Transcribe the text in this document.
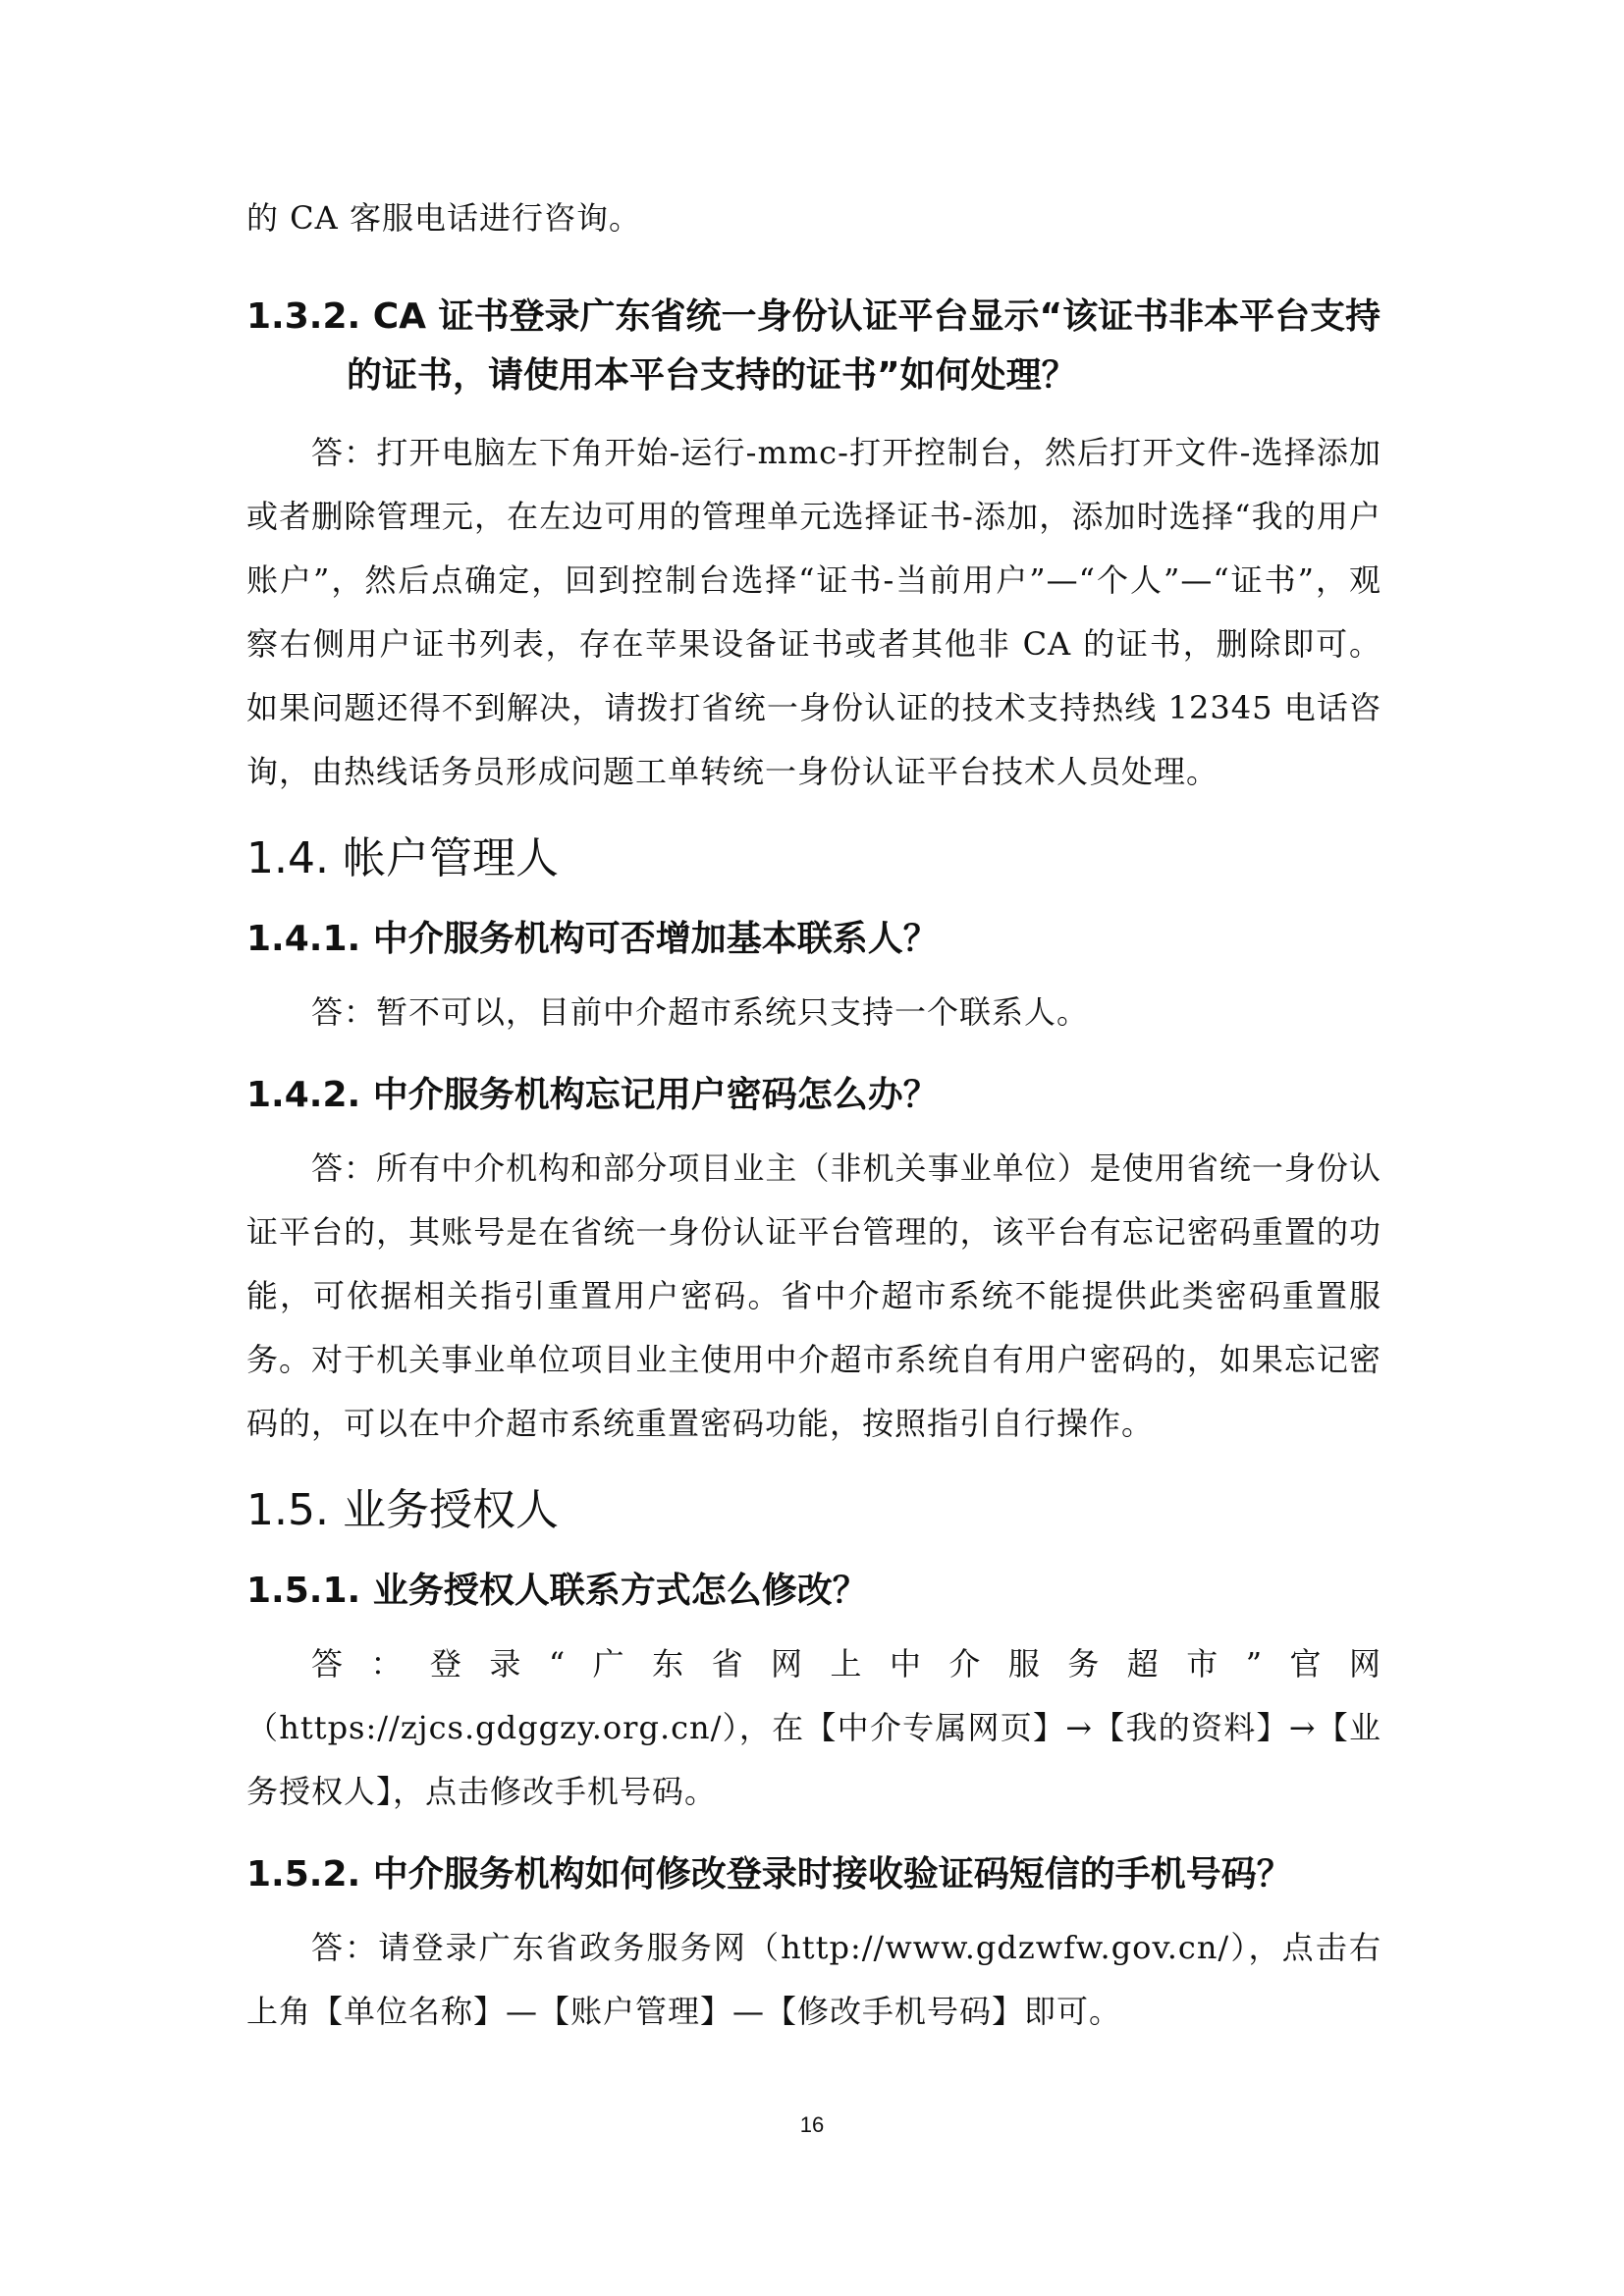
的 CA 客服电话进行咨询。

1.3.2. CA 证书登录广东省统一身份认证平台显示“该证书非本平台支持的证书，请使用本平台支持的证书”如何处理？

答：打开电脑左下角开始-运行-mmc-打开控制台，然后打开文件-选择添加或者删除管理元，在左边可用的管理单元选择证书-添加，添加时选择“我的用户账户”，然后点确定，回到控制台选择“证书-当前用户”—“个人”—“证书”，观察右侧用户证书列表，存在苹果设备证书或者其他非 CA 的证书，删除即可。如果问题还得不到解决，请拨打省统一身份认证的技术支持热线 12345 电话咨询，由热线话务员形成问题工单转统一身份认证平台技术人员处理。

1.4. 帐户管理人
1.4.1. 中介服务机构可否增加基本联系人？

答：暂不可以，目前中介超市系统只支持一个联系人。

1.4.2. 中介服务机构忘记用户密码怎么办？

答：所有中介机构和部分项目业主（非机关事业单位）是使用省统一身份认证平台的，其账号是在省统一身份认证平台管理的，该平台有忘记密码重置的功能，可依据相关指引重置用户密码。省中介超市系统不能提供此类密码重置服务。对于机关事业单位项目业主使用中介超市系统自有用户密码的，如果忘记密码的，可以在中介超市系统重置密码功能，按照指引自行操作。

1.5. 业务授权人
1.5.1. 业务授权人联系方式怎么修改？

答：登录“广东省网上中介服务超市”官网（https://zjcs.gdggzy.org.cn/），在【中介专属网页】→【我的资料】→【业务授权人】，点击修改手机号码。

1.5.2. 中介服务机构如何修改登录时接收验证码短信的手机号码？

答：请登录广东省政务服务网（http://www.gdzwfw.gov.cn/），点击右上角【单位名称】—【账户管理】—【修改手机号码】即可。

16
